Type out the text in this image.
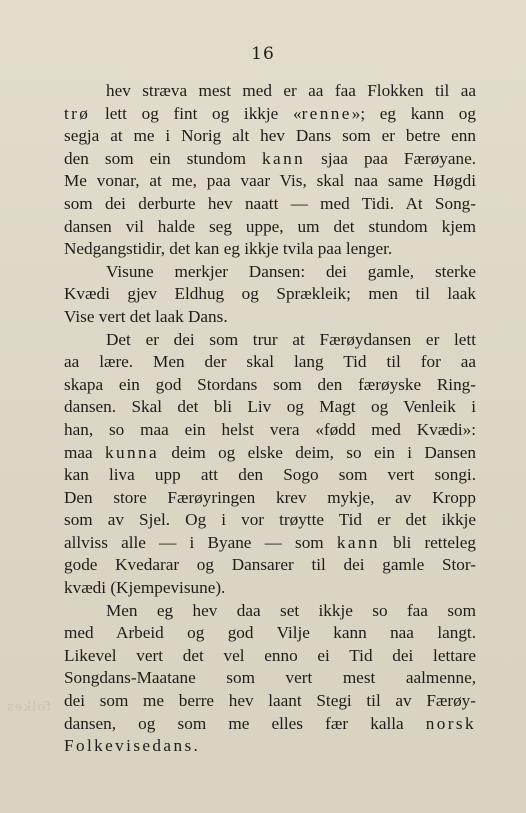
16
hev stræva mest med er aa faa Flokken til aa
trø lett og fint og ikkje «renne»; eg kann og
segja at me i Norig alt hev Dans som er betre enn
den som ein stundom kann sjaa paa Færøyane.
Me vonar, at me, paa vaar Vis, skal naa same Høgdi
som dei derburte hev naatt — med Tidi. At Song-
dansen vil halde seg uppe, um det stundom kjem
Nedgangstidir, det kan eg ikkje tvila paa lenger.
Visune merkjer Dansen: dei gamle, sterke
Kvædi gjev Eldhug og Sprækleik; men til laak
Vise vert det laak Dans.
Det er dei som trur at Færøydansen er lett
aa lære. Men der skal lang Tid til for aa
skapa ein god Stordans som den færøyske Ring-
dansen. Skal det bli Liv og Magt og Venleik i
han, so maa ein helst vera «fødd med Kvædi»:
maa kunna deim og elske deim, so ein i Dansen
kan liva upp att den Sogo som vert songi.
Den store Færøyringen krev mykje, av Kropp
som av Sjel. Og i vor trøytte Tid er det ikkje
allviss alle — i Byane — som kann bli retteleg
gode Kvedarar og Dansarer til dei gamle Stor-
kvædi (Kjempevisune).
Men eg hev daa set ikkje so faa som
med Arbeid og god Vilje kann naa langt.
Likevel vert det vel enno ei Tid dei lettare
Songdans-Maatane som vert mest aalmenne,
dei som me berre hev laant Stegi til av Færøy-
dansen, og som me elles fær kalla norsk
Folkevisedans.
folkes
